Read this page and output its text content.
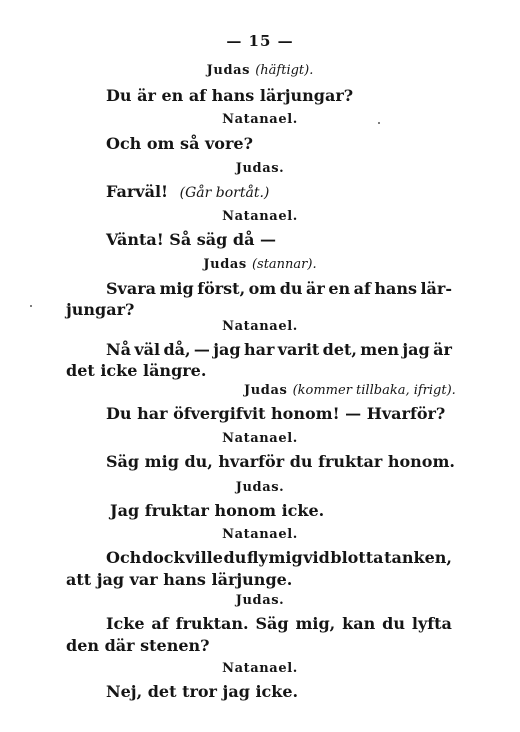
— 15 —
Judas (häftigt).
Du är en af hans lärjungar?
Natanael.
Och om så vore?
Judas.
Farväl! (Går bortåt.)
Natanael.
Vänta! Så säg då —
Judas (stannar).
Svara mig först, om du är en af hans lär-
jungar?
Natanael.
Nå väl då, — jag har varit det, men jag är
det icke längre.
Judas (kommer tillbaka, ifrigt).
Du har öfvergifvit honom! — Hvarför?
Natanael.
Säg mig du, hvarför du fruktar honom.
Judas.
Jag fruktar honom icke.
Natanael.
Och dock ville du fly mig vid blotta tanken,
att jag var hans lärjunge.
Judas.
Icke af fruktan. Säg mig, kan du lyfta
den där stenen?
Natanael.
Nej, det tror jag icke.
